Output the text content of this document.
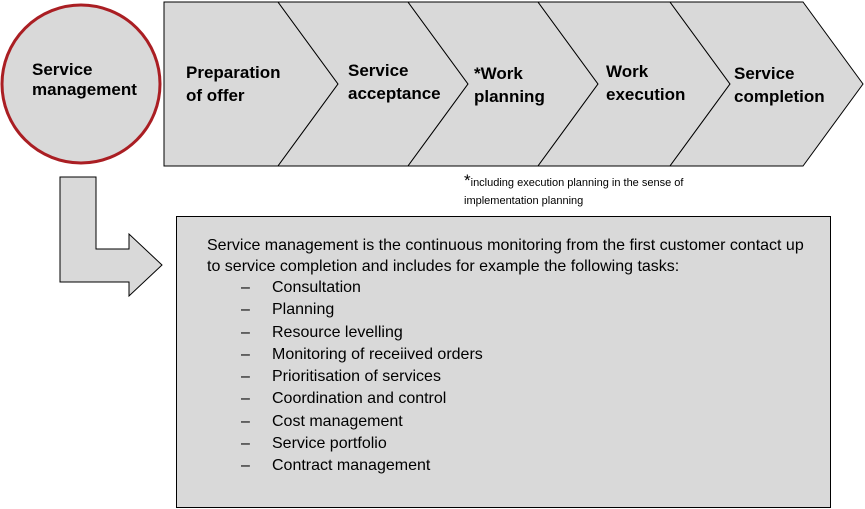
Service
management
Preparation
of offer
Service
acceptance
*Work
planning
Work
execution
Service
completion
*including execution planning in the sense of implementation planning

Service management is the continuous monitoring from the first customer contact up to service completion and includes for example the following tasks:

–	Consultation
–	Planning
–	Resource levelling
–	Monitoring of receiived orders
–	Prioritisation of services
–	Coordination and control
–	Cost management
–	Service portfolio
–	Contract management
